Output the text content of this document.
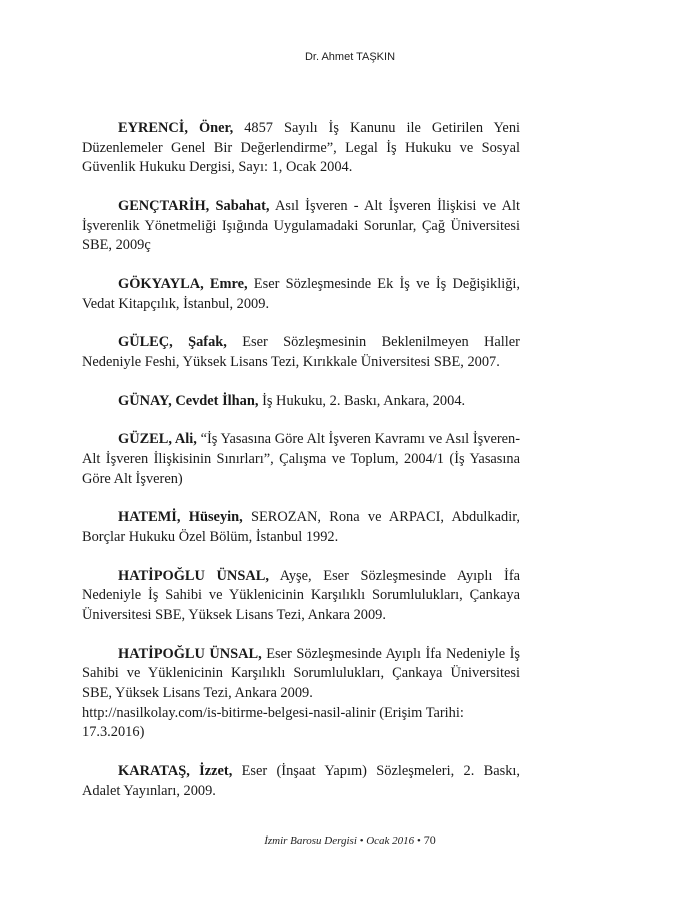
Dr. Ahmet TAŞKIN

EYRENCİ, Öner, 4857 Sayılı İş Kanunu ile Getirilen Yeni Düzenlemeler Genel Bir Değerlendirme”, Legal İş Hukuku ve Sosyal Güvenlik Hukuku Dergisi, Sayı: 1, Ocak 2004.

GENÇTARİH, Sabahat, Asıl İşveren - Alt İşveren İlişkisi ve Alt İşverenlik Yönetmeliği Işığında Uygulamadaki Sorunlar, Çağ Üniversitesi SBE, 2009ç

GÖKYAYLA, Emre, Eser Sözleşmesinde Ek İş ve İş Değişikliği, Vedat Kitapçılık, İstanbul, 2009.

GÜLEÇ, Şafak, Eser Sözleşmesinin Beklenilmeyen Haller Nedeniyle Feshi, Yüksek Lisans Tezi, Kırıkkale Üniversitesi SBE, 2007.

GÜNAY, Cevdet İlhan, İş Hukuku, 2. Baskı, Ankara, 2004.

GÜZEL, Ali, “İş Yasasına Göre Alt İşveren Kavramı ve Asıl İşveren-Alt İşveren İlişkisinin Sınırları”, Çalışma ve Toplum, 2004/1 (İş Yasasına Göre Alt İşveren)

HATEMİ, Hüseyin, SEROZAN, Rona ve ARPACI, Abdulkadir, Borçlar Hukuku Özel Bölüm, İstanbul 1992.

HATİPOĞLU ÜNSAL, Ayşe, Eser Sözleşmesinde Ayıplı İfa Nedeniyle İş Sahibi ve Yüklenicinin Karşılıklı Sorumlulukları, Çankaya Üniversitesi SBE, Yüksek Lisans Tezi, Ankara 2009.

HATİPOĞLU ÜNSAL, Eser Sözleşmesinde Ayıplı İfa Nedeniyle İş Sahibi ve Yüklenicinin Karşılıklı Sorumlulukları, Çankaya Üniversitesi SBE, Yüksek Lisans Tezi, Ankara 2009.
http://nasilkolay.com/is-bitirme-belgesi-nasil-alinir (Erişim Tarihi: 17.3.2016)

KARATAŞ, İzzet, Eser (İnşaat Yapım) Sözleşmeleri, 2. Baskı, Adalet Yayınları, 2009.

İzmir Barosu Dergisi • Ocak 2016 • 70
